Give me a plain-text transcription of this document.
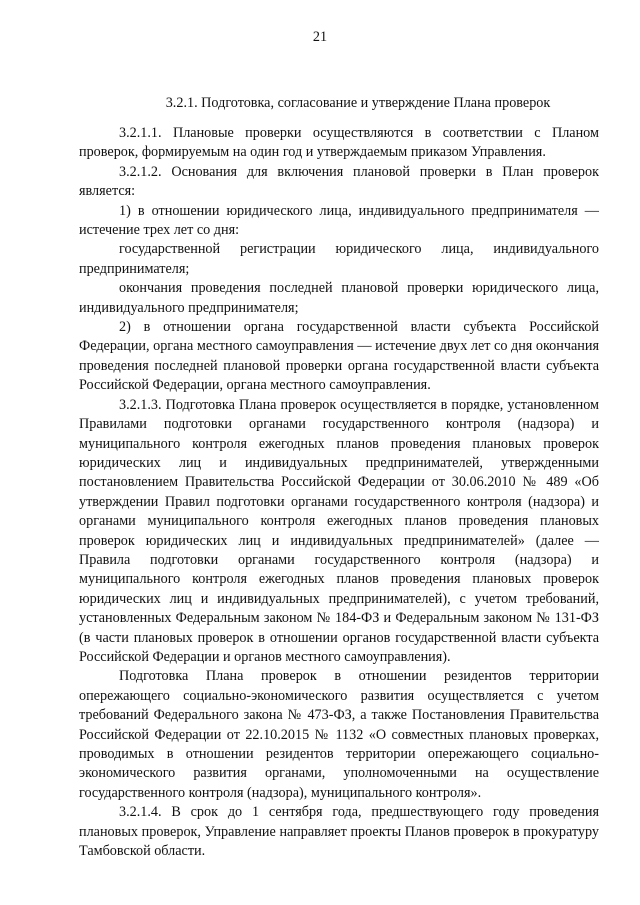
21
3.2.1. Подготовка, согласование и утверждение Плана проверок

3.2.1.1. Плановые проверки осуществляются в соответствии с Планом проверок, формируемым на один год и утверждаемым приказом Управления.

3.2.1.2. Основания для включения плановой проверки в План проверок является:

1) в отношении юридического лица, индивидуального предпринимателя — истечение трех лет со дня:

государственной регистрации юридического лица, индивидуального предпринимателя;

окончания проведения последней плановой проверки юридического лица, индивидуального предпринимателя;

2) в отношении органа государственной власти субъекта Российской Федерации, органа местного самоуправления — истечение двух лет со дня окончания проведения последней плановой проверки органа государственной власти субъекта Российской Федерации, органа местного самоуправления.

3.2.1.3. Подготовка Плана проверок осуществляется в порядке, установленном Правилами подготовки органами государственного контроля (надзора) и муниципального контроля ежегодных планов проведения плановых проверок юридических лиц и индивидуальных предпринимателей, утвержденными постановлением Правительства Российской Федерации от 30.06.2010 № 489 «Об утверждении Правил подготовки органами государственного контроля (надзора) и органами муниципального контроля ежегодных планов проведения плановых проверок юридических лиц и индивидуальных предпринимателей» (далее — Правила подготовки органами государственного контроля (надзора) и муниципального контроля ежегодных планов проведения плановых проверок юридических лиц и индивидуальных предпринимателей), с учетом требований, установленных Федеральным законом № 184-ФЗ и Федеральным законом № 131-ФЗ (в части плановых проверок в отношении органов государственной власти субъекта Российской Федерации и органов местного самоуправления).

Подготовка Плана проверок в отношении резидентов территории опережающего социально-экономического развития осуществляется с учетом требований Федерального закона № 473-ФЗ, а также Постановления Правительства Российской Федерации от 22.10.2015 № 1132 «О совместных плановых проверках, проводимых в отношении резидентов территории опережающего социально-экономического развития органами, уполномоченными на осуществление государственного контроля (надзора), муниципального контроля».

3.2.1.4. В срок до 1 сентября года, предшествующего году проведения плановых проверок, Управление направляет проекты Планов проверок в прокуратуру Тамбовской области.
